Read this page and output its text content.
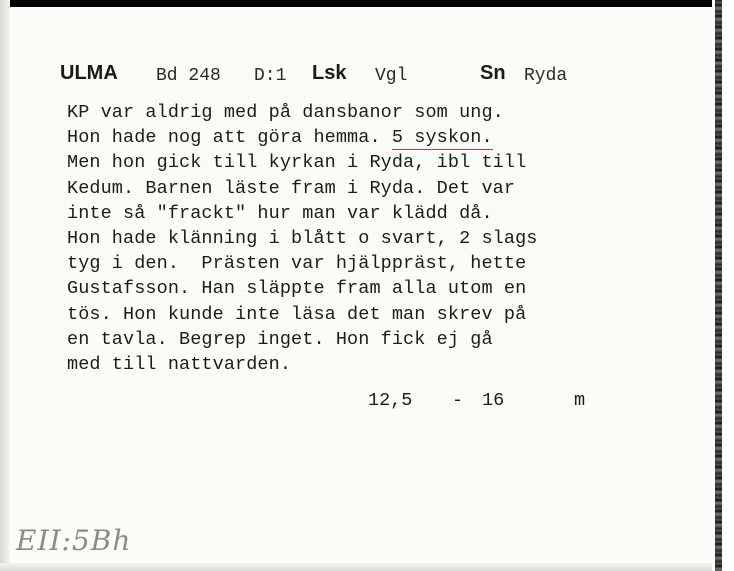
ULMA Bd 248 D:1 Lsk Vgl	Sn Ryda
KP var aldrig med på dansbanor som ung.
Hon hade nog att göra hemma. 5 syskon.
Men hon gick till kyrkan i Ryda, ibl till
Kedum. Barnen läste fram i Ryda. Det var
inte så "frackt" hur man var klädd då.
Hon hade klänning i blått o svart, 2 slags
tyg i den.  Prästen var hjälppräst, hette
Gustafsson. Han släppte fram alla utom en
tös. Hon kunde inte läsa det man skrev på
en tavla. Begrep inget. Hon fick ej gå
med till nattvarden.
12,5 - 16	m
EII:5Bh
